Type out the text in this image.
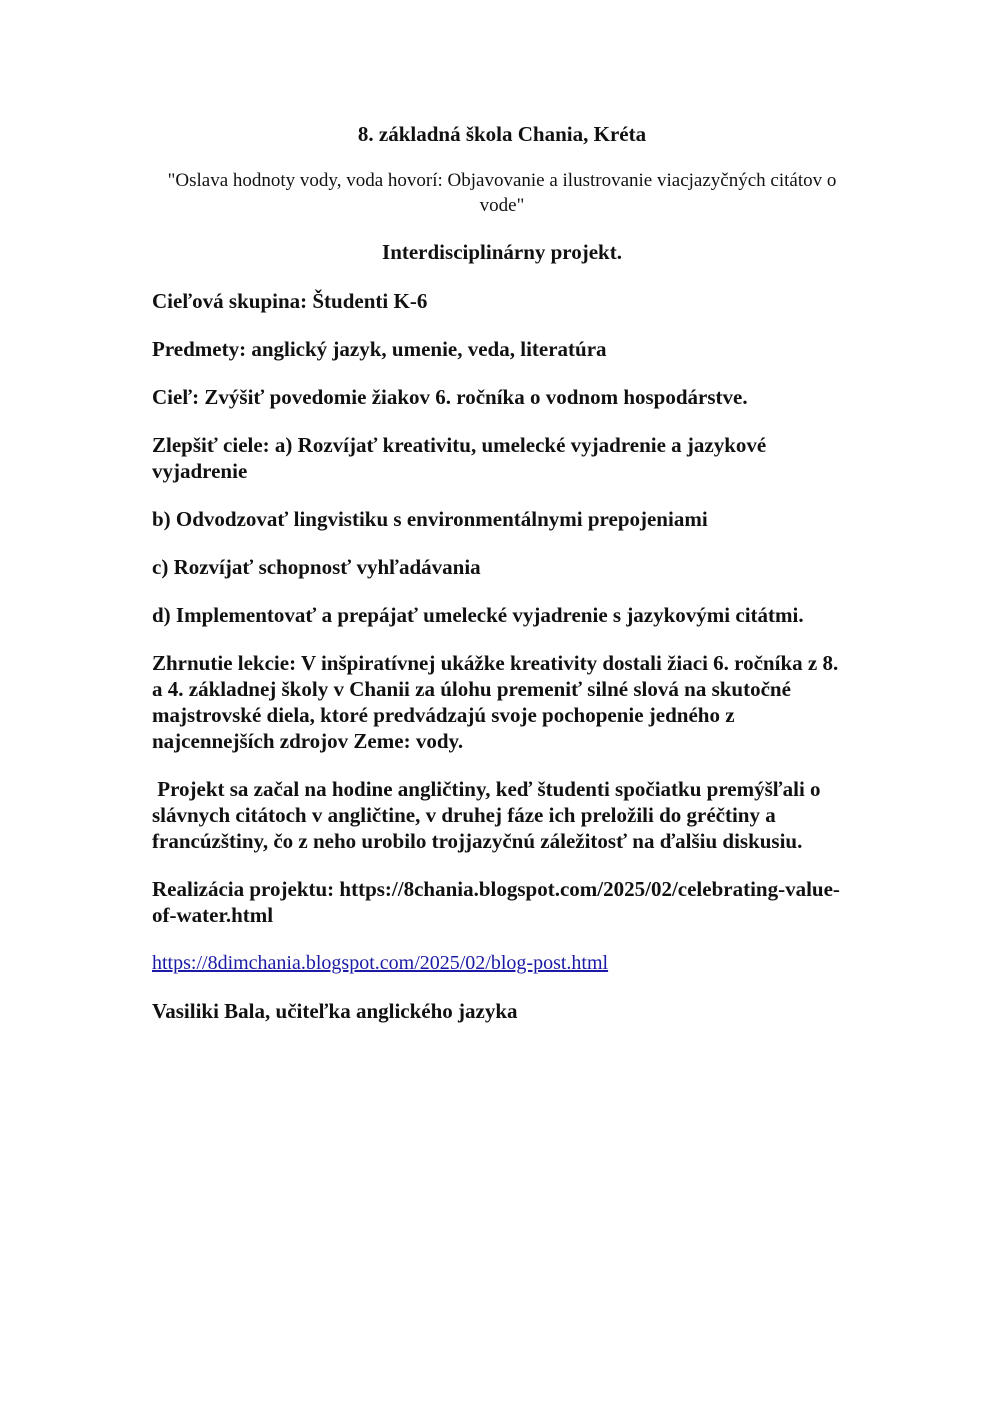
8. základná škola Chania, Kréta
"Oslava hodnoty vody, voda hovorí: Objavovanie a ilustrovanie viacjazyčných citátov o vode"
Interdisciplinárny projekt.
Cieľová skupina: Študenti K-6
Predmety: anglický jazyk, umenie, veda, literatúra
Cieľ: Zvýšiť povedomie žiakov 6. ročníka o vodnom hospodárstve.
Zlepšiť ciele: a) Rozvíjať kreativitu, umelecké vyjadrenie a jazykové vyjadrenie
b) Odvodzovať lingvistiku s environmentálnymi prepojeniami
c) Rozvíjať schopnosť vyhľadávania
d) Implementovať a prepájať umelecké vyjadrenie s jazykovými citátmi.
Zhrnutie lekcie: V inšpiratívnej ukážke kreativity dostali žiaci 6. ročníka z 8. a 4. základnej školy v Chanii za úlohu premeniť silné slová na skutočné majstrovské diela, ktoré predvádzajú svoje pochopenie jedného z najcennejších zdrojov Zeme: vody.
Projekt sa začal na hodine angličtiny, keď študenti spočiatku premýšľali o slávnych citátoch v angličtine, v druhej fáze ich preložili do gréčtiny a francúzštiny, čo z neho urobilo trojjazyčnú záležitosť na ďalšiu diskusiu.
Realizácia projektu: https://8chania.blogspot.com/2025/02/celebrating-value-of-water.html
https://8dimchania.blogspot.com/2025/02/blog-post.html
Vasiliki Bala, učiteľka anglického jazyka
